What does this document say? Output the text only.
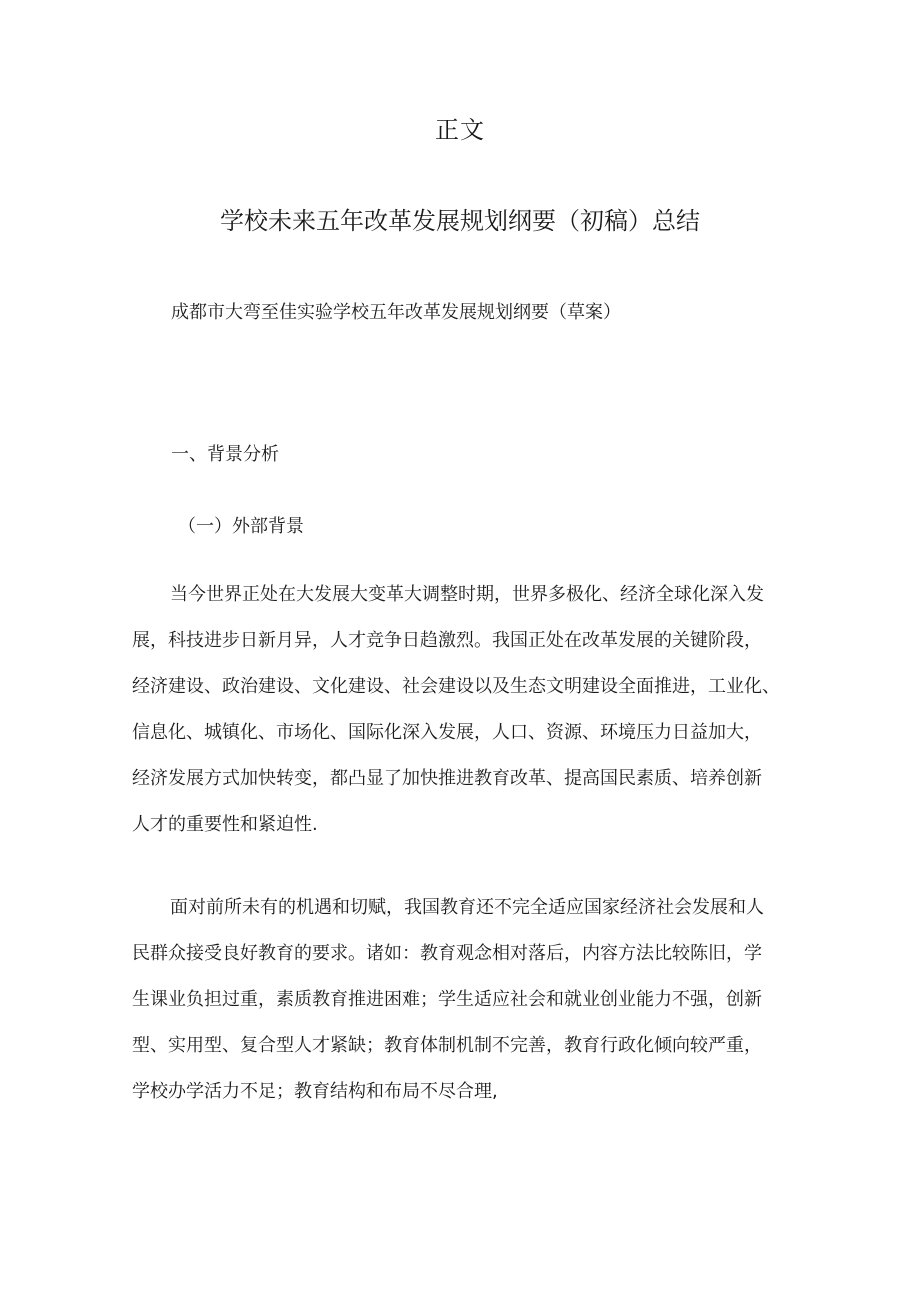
正文
学校未来五年改革发展规划纲要（初稿）总结
成都市大弯至佳实验学校五年改革发展规划纲要（草案）
一、背景分析
（一）外部背景
当今世界正处在大发展大变革大调整时期，世界多极化、经济全球化深入发
展，科技进步日新月异，人才竞争日趋激烈。我国正处在改革发展的关键阶段，
经济建设、政治建设、文化建设、社会建设以及生态文明建设全面推进，工业化、
信息化、城镇化、市场化、国际化深入发展，人口、资源、环境压力日益加大，
经济发展方式加快转变，都凸显了加快推进教育改革、提高国民素质、培养创新
人才的重要性和紧迫性.
面对前所未有的机遇和切赋，我国教育还不完全适应国家经济社会发展和人
民群众接受良好教育的要求。诸如：教育观念相对落后，内容方法比较陈旧，学
生课业负担过重，素质教育推进困难；学生适应社会和就业创业能力不强，创新
型、实用型、复合型人才紧缺；教育体制机制不完善，教育行政化倾向较严重，
学校办学活力不足；教育结构和布局不尽合理,
